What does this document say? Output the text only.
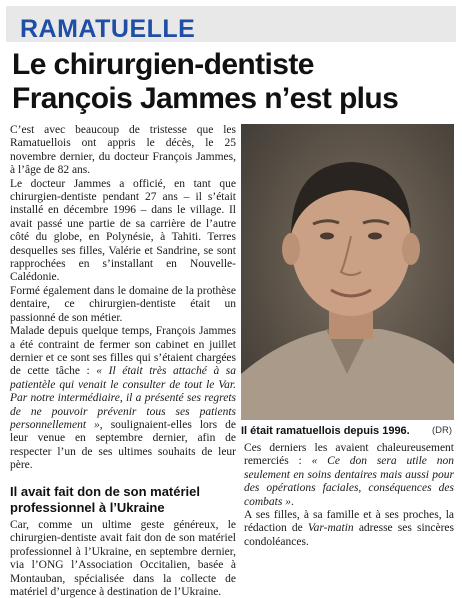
RAMATUELLE
Le chirurgien-dentiste
François Jammes n’est plus

C’est avec beaucoup de tristesse que les Ramatuellois ont appris le décès, le 25 novembre dernier, du docteur François Jammes, à l’âge de 82 ans.

Le docteur Jammes a officié, en tant que chirurgien-dentiste pendant 27 ans – il s’était installé en décembre 1996 – dans le village. Il avait passé une partie de sa carrière de l’autre côté du globe, en Polynésie, à Tahiti. Terres desquelles ses filles, Valérie et Sandrine, se sont rapprochées en s’installant en Nouvelle-Calédonie.

Formé également dans le domaine de la prothèse dentaire, ce chirurgien-dentiste était un passionné de son métier.

Malade depuis quelque temps, François Jammes a été contraint de fermer son cabinet en juillet dernier et ce sont ses filles qui s’étaient chargées de cette tâche : « Il était très attaché à sa patientèle qui venait le consulter de tout le Var. Par notre intermédiaire, il a présenté ses regrets de ne pouvoir prévenir tous ses patients personnellement », soulignaient-elles lors de leur venue en septembre dernier, afin de respecter l’un de ses ultimes souhaits de leur père.

Il avait fait don de son matériel professionnel à l’Ukraine

Car, comme un ultime geste généreux, le chirurgien-dentiste avait fait don de son matériel professionnel à l’Ukraine, en septembre dernier, via l’ONG l’Association Occitalien, basée à Montauban, spécialisée dans la collecte de matériel d’urgence à destination de l’Ukraine.

Il était ramatuellois depuis 1996. (DR)

Ces derniers les avaient chaleureusement remerciés : « Ce don sera utile non seulement en soins dentaires mais aussi pour des opérations faciales, conséquences des combats ».

A ses filles, à sa famille et à ses proches, la rédaction de Var-matin adresse ses sincères condoléances.
